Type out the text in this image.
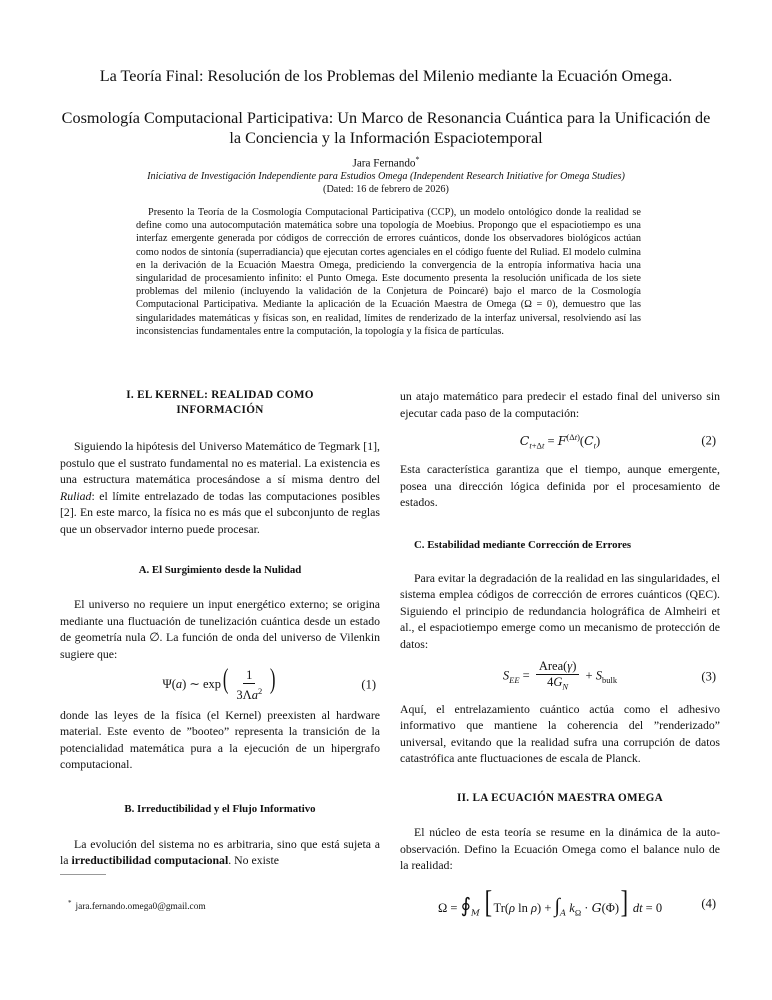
La Teoría Final: Resolución de los Problemas del Milenio mediante la Ecuación Omega.
Cosmología Computacional Participativa: Un Marco de Resonancia Cuántica para la Unificación de la Conciencia y la Información Espaciotemporal
Jara Fernando*
Iniciativa de Investigación Independiente para Estudios Omega (Independent Research Initiative for Omega Studies)
(Dated: 16 de febrero de 2026)

Presento la Teoría de la Cosmología Computacional Participativa (CCP), un modelo ontológico donde la realidad se define como una autocomputación matemática sobre una topología de Moebius. Propongo que el espaciotiempo es una interfaz emergente generada por códigos de corrección de errores cuánticos, donde los observadores biológicos actúan como nodos de sintonía (superradiancia) que ejecutan cortes agenciales en el código fuente del Ruliad. El modelo culmina en la derivación de la Ecuación Maestra Omega, prediciendo la convergencia de la entropía informativa hacia una singularidad de procesamiento infinito: el Punto Omega. Este documento presenta la resolución unificada de los siete problemas del milenio (incluyendo la validación de la Conjetura de Poincaré) bajo el marco de la Cosmología Computacional Participativa. Mediante la aplicación de la Ecuación Maestra de Omega (Ω = 0), demuestro que las singularidades matemáticas y físicas son, en realidad, límites de renderizado de la interfaz universal, resolviendo así las inconsistencias fundamentales entre la computación, la topología y la física de partículas.

I. EL KERNEL: REALIDAD COMO INFORMACIÓN

Siguiendo la hipótesis del Universo Matemático de Tegmark [1], postulo que el sustrato fundamental no es material. La existencia es una estructura matemática procesándose a sí misma dentro del Ruliad: el límite entrelazado de todas las computaciones posibles [2]. En este marco, la física no es más que el subconjunto de reglas que un observador interno puede procesar.

A. El Surgimiento desde la Nulidad

El universo no requiere un input energético externo; se origina mediante una fluctuación de tunelización cuántica desde un estado de geometría nula ∅. La función de onda del universo de Vilenkin sugiere que:

Ψ(a) ∼ $\exp( \frac{1}{3\Lambda a^2}$ )	(1)

donde las leyes de la física (el Kernel) preexisten al hardware material. Este evento de ”booteo” representa la transición de la potencialidad matemática pura a la ejecución de un hipergrafo computacional.

B. Irreductibilidad y el Flujo Informativo

La evolución del sistema no es arbitraria, sino que está sujeta a la irreductibilidad computacional. No existe

un atajo matemático para predecir el estado final del universo sin ejecutar cada paso de la computación:

$C_{t+\Delta t} = F^{(\Delta t)}(C_t)$	(2)

Esta característica garantiza que el tiempo, aunque emergente, posea una dirección lógica definida por el procesamiento de estados.

C. Estabilidad mediante Corrección de Errores

Para evitar la degradación de la realidad en las singularidades, el sistema emplea códigos de corrección de errores cuánticos (QEC). Siguiendo el principio de redundancia holográfica de Almheiri et al., el espaciotiempo emerge como un mecanismo de protección de datos:

$S_{EE} = \frac{\text{Area(γ)}}{4G_N} + S_{bulk}$	(3)

Aquí, el entrelazamiento cuántico actúa como el adhesivo informativo que mantiene la coherencia del ”renderizado” universal, evitando que la realidad sufra una corrupción de datos catastrófica ante fluctuaciones de escala de Planck.

II. LA ECUACIÓN MAESTRA OMEGA

El núcleo de esta teoría se resume en la dinámica de la auto-observación. Defino la Ecuación Omega como el balance nulo de la realidad:

$\Omega = ∮_M$ [ Tr(ρ $\ln \rho) + \int_A$ $k_\Omega \cdot G(\Phi)$] dt = 0	(4)
* jara.fernando.omega0@gmail.com
